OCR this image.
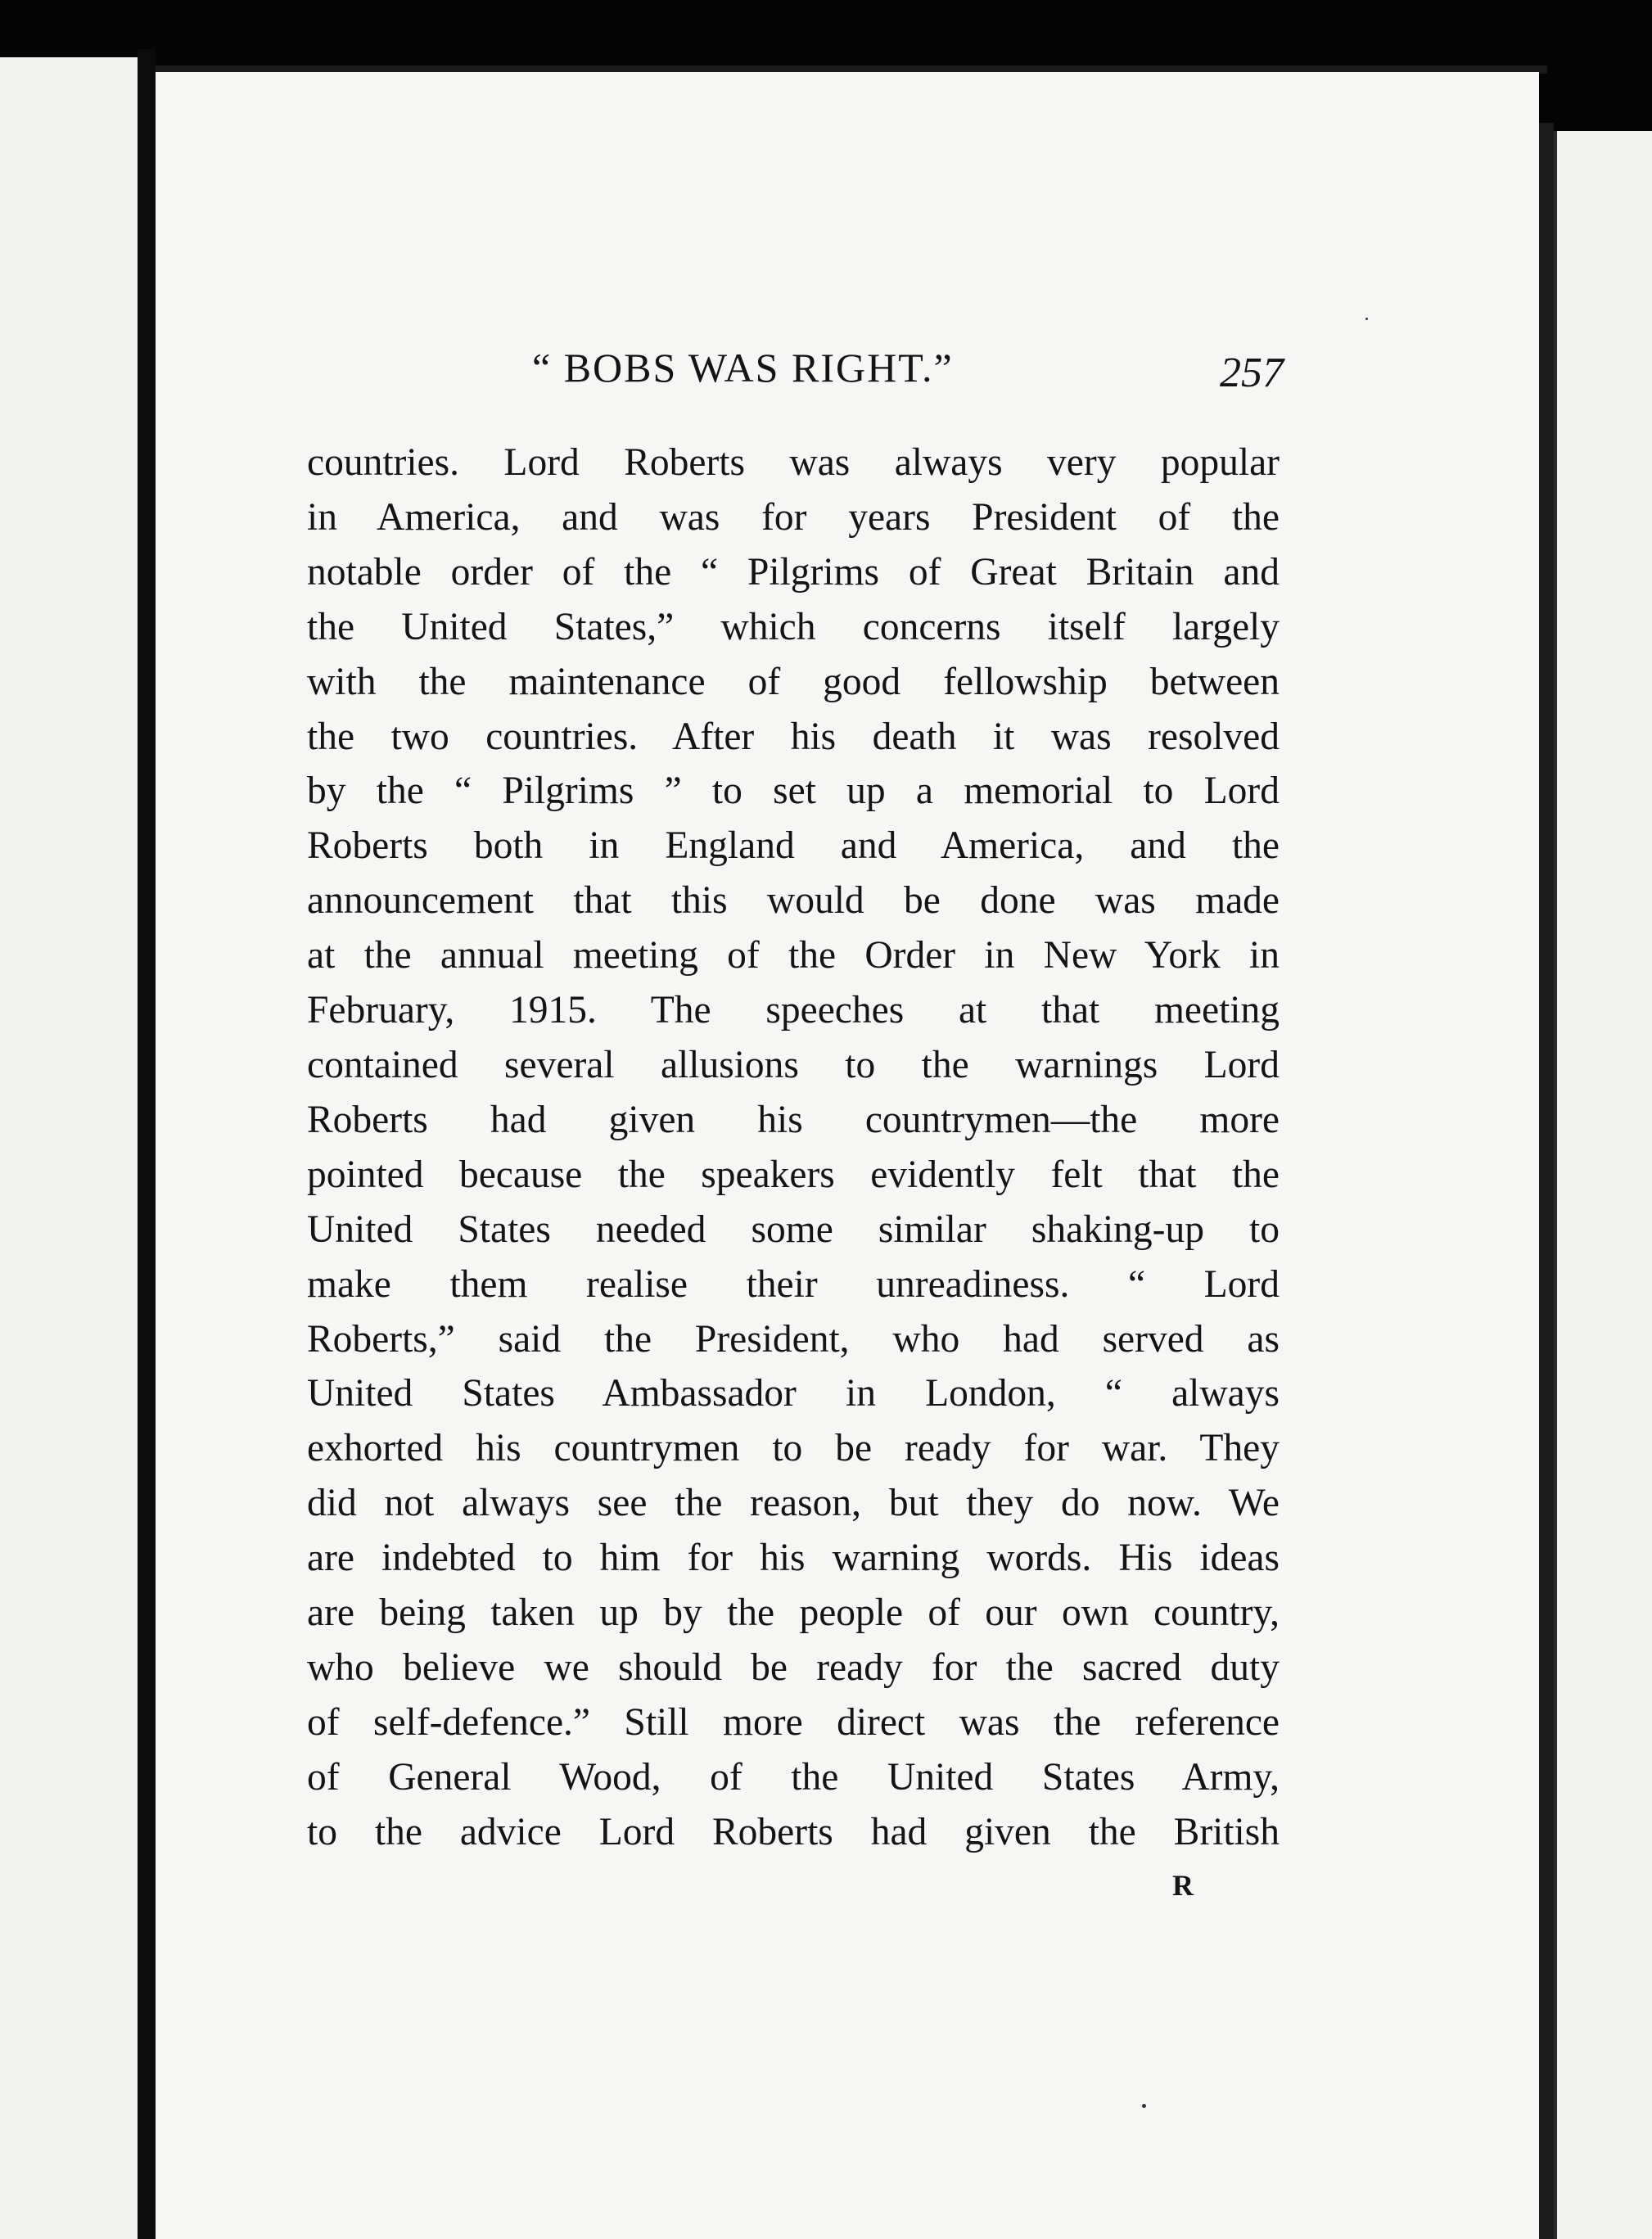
“ BOBS WAS RIGHT.”	257
countries. Lord Roberts was always very popular
in America, and was for years President of the
notable order of the “ Pilgrims of Great Britain and
the United States,” which concerns itself largely
with the maintenance of good fellowship between
the two countries. After his death it was resolved
by the “ Pilgrims ” to set up a memorial to Lord
Roberts both in England and America, and the
announcement that this would be done was made
at the annual meeting of the Order in New York in
February, 1915. The speeches at that meeting
contained several allusions to the warnings Lord
Roberts had given his countrymen—the more
pointed because the speakers evidently felt that the
United States needed some similar shaking-up to
make them realise their unreadiness. “ Lord
Roberts,” said the President, who had served as
United States Ambassador in London, “ always
exhorted his countrymen to be ready for war. They
did not always see the reason, but they do now. We
are indebted to him for his warning words. His ideas
are being taken up by the people of our own country,
who believe we should be ready for the sacred duty
of self-defence.” Still more direct was the reference
of General Wood, of the United States Army,
to the advice Lord Roberts had given the British
R
